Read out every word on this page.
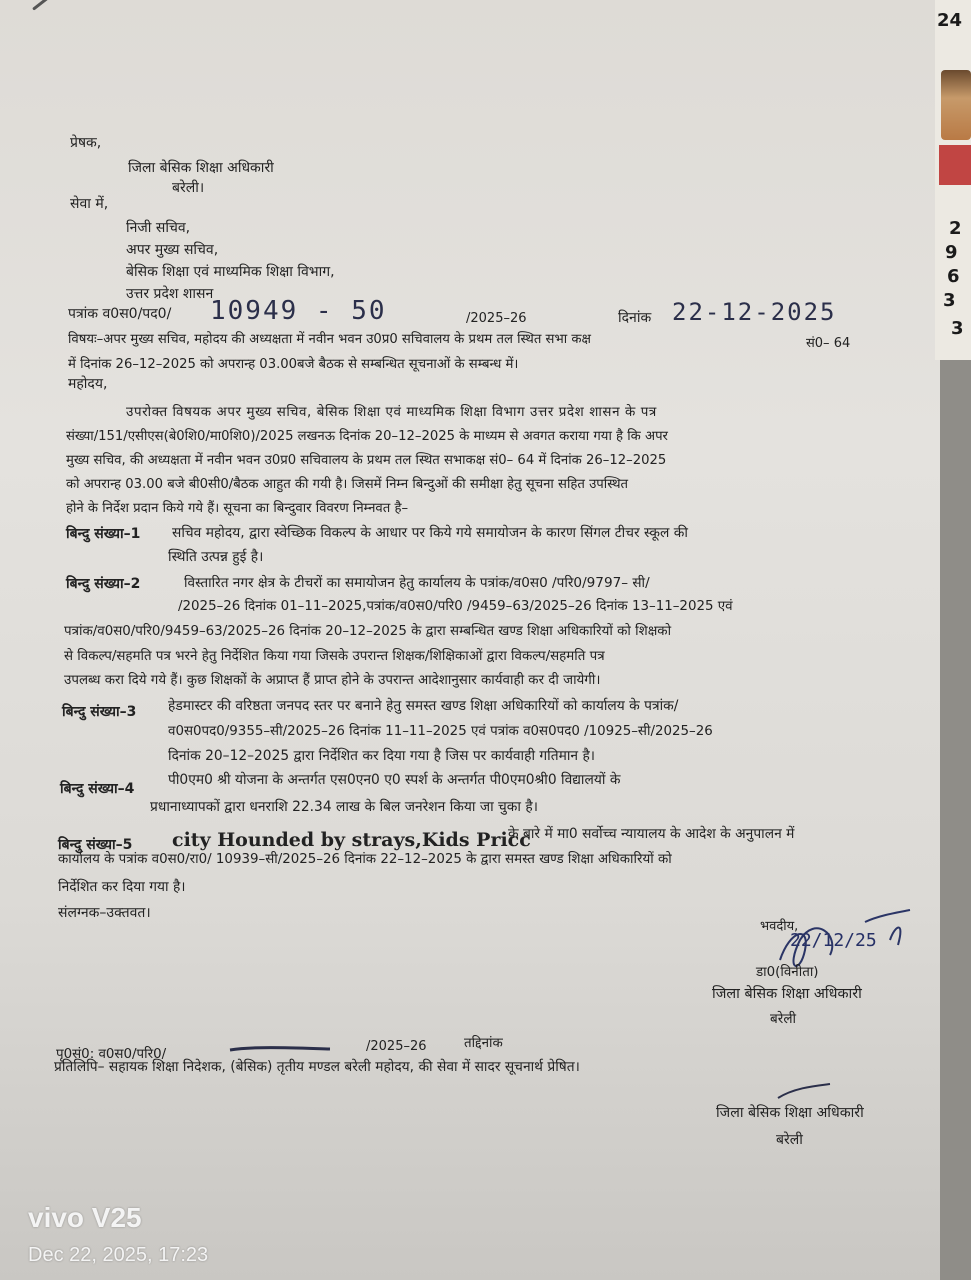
प्रेषक,
जिला बेसिक शिक्षा अधिकारी
बरेली।
सेवा में,
निजी सचिव,
अपर मुख्य सचिव,
बेसिक शिक्षा एवं माध्यमिक शिक्षा विभाग,
उत्तर प्रदेश शासन
पत्रांक व0स0/पद0/ 10949 - 50	/2025–26	दिनांक 22-12-2025
विषयः–अपर मुख्य सचिव, महोदय की अध्यक्षता में नवीन भवन उ0प्र0 सचिवालय के प्रथम तल स्थित सभा कक्ष	सं0– 64
में दिनांक 26–12–2025 को अपरान्ह 03.00बजे बैठक से सम्बन्धित सूचनाओं के सम्बन्ध में।
महोदय,
उपरोक्त विषयक अपर मुख्य सचिव, बेसिक शिक्षा एवं माध्यमिक शिक्षा विभाग उत्तर प्रदेश शासन के पत्र
संख्या/151/एसीएस(बे0शि0/मा0शि0)/2025 लखनऊ दिनांक 20–12–2025 के माध्यम से अवगत कराया गया है कि अपर
मुख्य सचिव, की अध्यक्षता में नवीन भवन उ0प्र0 सचिवालय के प्रथम तल स्थित सभाकक्ष सं0– 64 में दिनांक 26–12–2025
को अपरान्ह 03.00 बजे बी0सी0/बैठक आहुत की गयी है। जिसमें निम्न बिन्दुओं की समीक्षा हेतु सूचना सहित उपस्थित
होने के निर्देश प्रदान किये गये हैं। सूचना का बिन्दुवार विवरण निम्नवत है–
बिन्दु संख्या–1 सचिव महोदय, द्वारा स्वेच्छिक विकल्प के आधार पर किये गये समायोजन के कारण सिंगल टीचर स्कूल की
स्थिति उत्पन्न हुई है।
बिन्दु संख्या–2	विस्तारित नगर क्षेत्र के टीचरों का समायोजन हेतु कार्यालय के पत्रांक/व0स0 /परि0/9797– सी/
/2025–26 दिनांक 01–11–2025,पत्रांक/व0स0/परि0 /9459–63/2025–26 दिनांक 13–11–2025 एवं
पत्रांक/व0स0/परि0/9459–63/2025–26 दिनांक 20–12–2025 के द्वारा सम्बन्धित खण्ड शिक्षा अधिकारियों को शिक्षको
से विकल्प/सहमति पत्र भरने हेतु निर्देशित किया गया जिसके उपरान्त शिक्षक/शिक्षिकाओं द्वारा विकल्प/सहमति पत्र
उपलब्ध करा दिये गये हैं। कुछ शिक्षकों के अप्राप्त हैं प्राप्त होने के उपरान्त आदेशानुसार कार्यवाही कर दी जायेगी।
बिन्दु संख्या–3 हेडमास्टर की वरिष्ठता जनपद स्तर पर बनाने हेतु समस्त खण्ड शिक्षा अधिकारियों को कार्यालय के पत्रांक/
व0स0पद0/9355–सी/2025–26 दिनांक 11–11–2025 एवं पत्रांक व0स0पद0 /10925–सी/2025–26
दिनांक 20–12–2025 द्वारा निर्देशित कर दिया गया है जिस पर कार्यवाही गतिमान है।
बिन्दु संख्या–4
पी0एम0 श्री योजना के अन्तर्गत एस0एन0 ए0 स्पर्श के अन्तर्गत पी0एम0श्री0 विद्यालयों के
प्रधानाध्यापकों द्वारा धनराशि 22.34 लाख के बिल जनरेशन किया जा चुका है।
बिन्दु संख्या–5 city Hounded by strays,Kids Pricc
के बारे में मा0 सर्वोच्च न्यायालय के आदेश के अनुपालन में
कार्यालय के पत्रांक व0स0/रा0/ 10939–सी/2025–26 दिनांक 22–12–2025 के द्वारा समस्त खण्ड शिक्षा अधिकारियों को
निर्देशित कर दिया गया है।
संलग्नक–उक्तवत।
भवदीय,
22/12/25
डा0(विनीता)
जिला बेसिक शिक्षा अधिकारी
बरेली
पृ0सं0: व0स0/परि0/
/2025–26	तद्दिनांक
प्रतिलिपि– सहायक शिक्षा निदेशक, (बेसिक) तृतीय मण्डल बरेली महोदय, की सेवा में सादर सूचनार्थ प्रेषित।
जिला बेसिक शिक्षा अधिकारी
बरेली
24
2
9
6
3
3
vivo V25
Dec 22, 2025, 17:23
